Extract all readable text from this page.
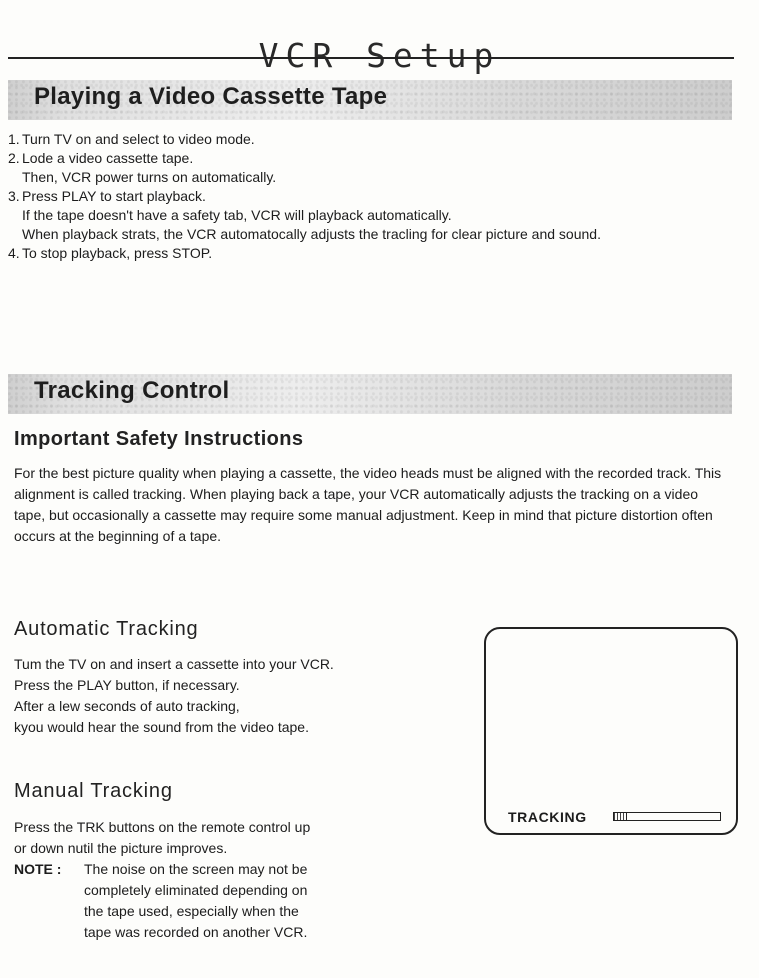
VCR Setup
Playing a Video Cassette Tape
1. Turn TV on and select to video mode.
2. Lode a video cassette tape.
Then, VCR power turns on automatically.
3. Press PLAY to start playback.
If the tape doesn't have a safety tab, VCR will playback automatically.
When playback strats, the VCR automatocally adjusts the tracling for clear picture and sound.
4. To stop playback, press STOP.
Tracking Control
Important Safety Instructions

For the best picture quality when playing a cassette, the video heads must be aligned with the recorded track. This alignment is called tracking. When playing back a tape, your VCR automatically adjusts the tracking on a video tape, but occasionally a cassette may require some manual adjustment. Keep in mind that picture distortion often occurs at the beginning of a tape.

Automatic Tracking

Tum the TV on and insert a cassette into your VCR.
Press the PLAY button, if necessary.
After a lew seconds of auto tracking,
kyou would hear the sound from the video tape.

Manual Tracking

Press the TRK buttons on the remote control up
or down nutil the picture improves.

NOTE : The noise on the screen may not be
completely eliminated depending on
the tape used, especially when the
tape was recorded on another VCR.
TRACKING
